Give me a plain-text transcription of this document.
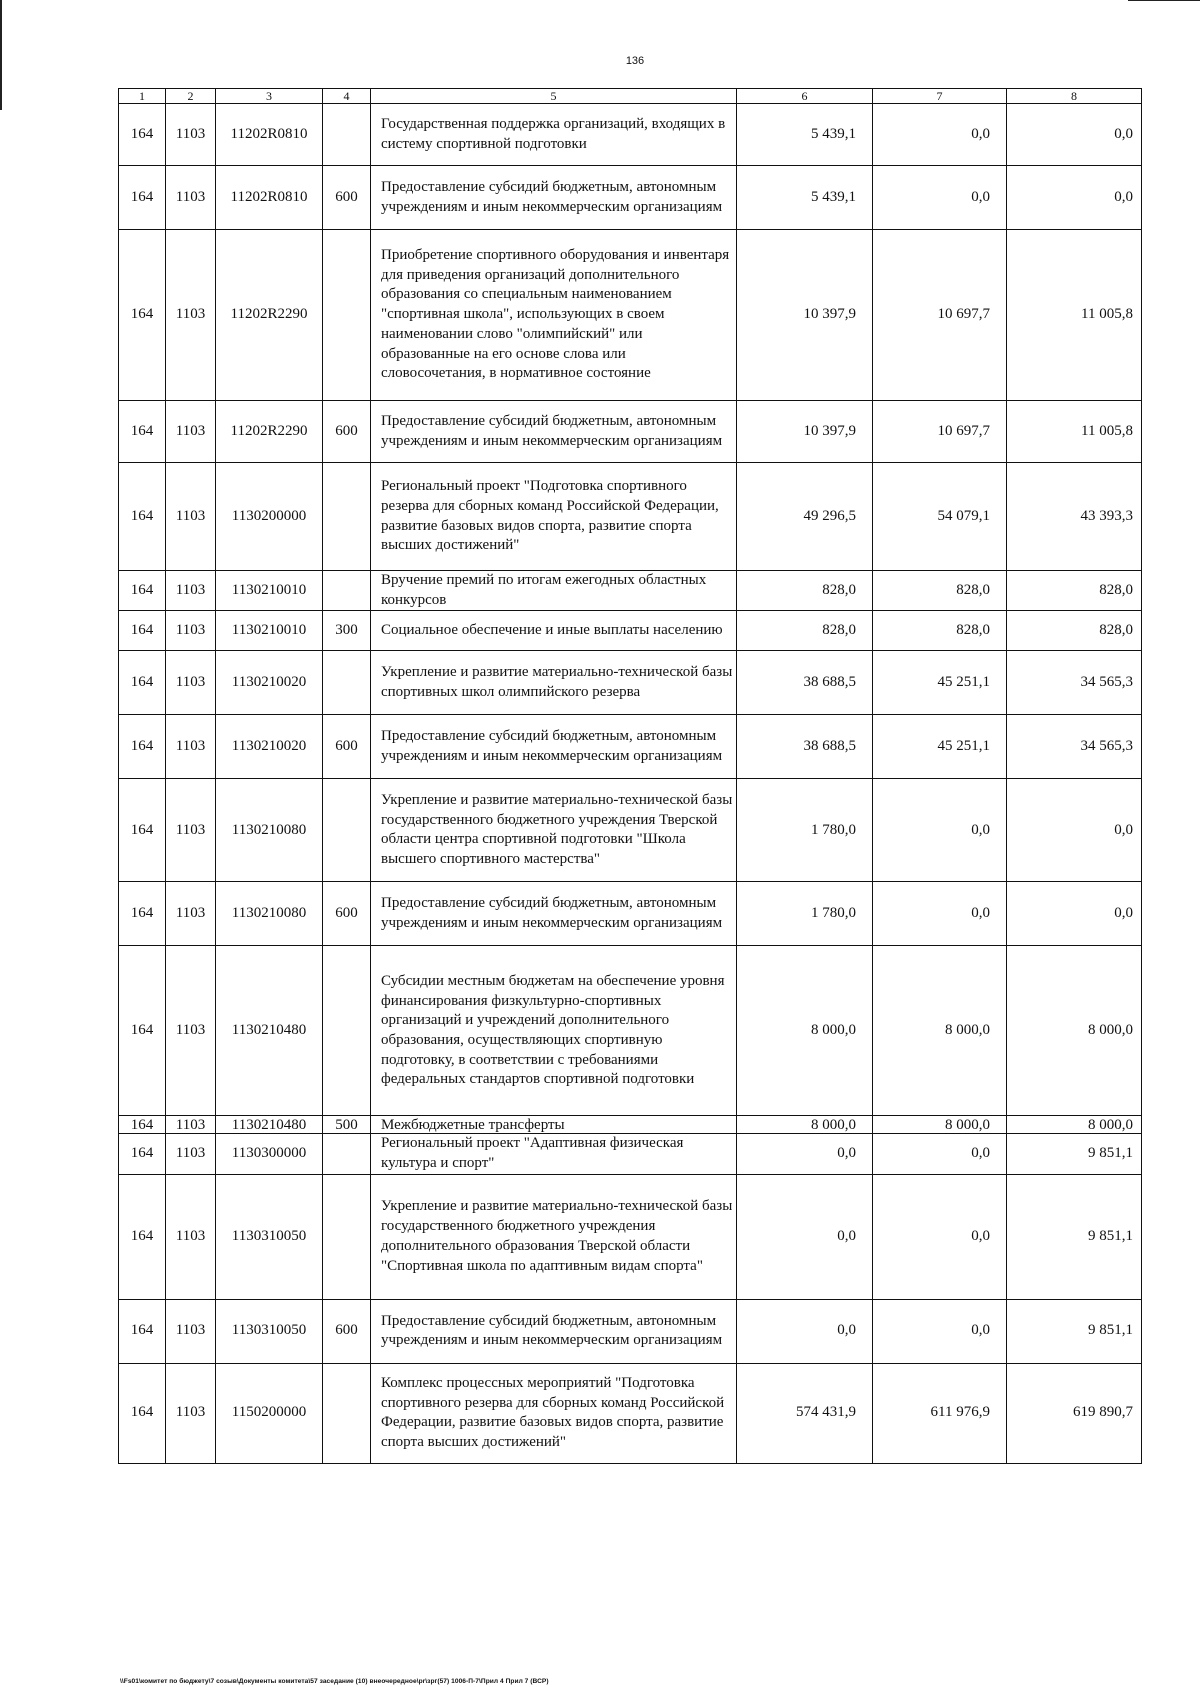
136
1	2	3	4	5	6	7	8
164	1103	11202R0810		Государственная поддержка организаций, входящих в систему спортивной подготовки	5 439,1	0,0	0,0
164	1103	11202R0810	600	Предоставление субсидий бюджетным, автономным учреждениям и иным некоммерческим организациям	5 439,1	0,0	0,0
164	1103	11202R2290		Приобретение спортивного оборудования и инвентаря для приведения организаций дополнительного образования со специальным наименованием "спортивная школа", использующих в своем наименовании слово "олимпийский" или образованные на его основе слова или словосочетания, в нормативное состояние	10 397,9	10 697,7	11 005,8
164	1103	11202R2290	600	Предоставление субсидий бюджетным, автономным учреждениям и иным некоммерческим организациям	10 397,9	10 697,7	11 005,8
164	1103	1130200000		Региональный проект "Подготовка спортивного резерва для сборных команд Российской Федерации, развитие базовых видов спорта, развитие спорта высших достижений"	49 296,5	54 079,1	43 393,3
164	1103	1130210010		Вручение премий по итогам ежегодных областных конкурсов	828,0	828,0	828,0
164	1103	1130210010	300	Социальное обеспечение и иные выплаты населению	828,0	828,0	828,0
164	1103	1130210020		Укрепление и развитие материально-технической базы спортивных школ олимпийского резерва	38 688,5	45 251,1	34 565,3
164	1103	1130210020	600	Предоставление субсидий бюджетным, автономным учреждениям и иным некоммерческим организациям	38 688,5	45 251,1	34 565,3
164	1103	1130210080		Укрепление и развитие материально-технической базы государственного бюджетного учреждения Тверской области центра спортивной подготовки "Школа высшего спортивного мастерства"	1 780,0	0,0	0,0
164	1103	1130210080	600	Предоставление субсидий бюджетным, автономным учреждениям и иным некоммерческим организациям	1 780,0	0,0	0,0
164	1103	1130210480		Субсидии местным бюджетам на обеспечение уровня финансирования физкультурно-спортивных организаций и учреждений дополнительного образования, осуществляющих спортивную подготовку, в соответствии с требованиями федеральных стандартов спортивной подготовки	8 000,0	8 000,0	8 000,0
164	1103	1130210480	500	Межбюджетные трансферты	8 000,0	8 000,0	8 000,0
164	1103	1130300000		Региональный проект "Адаптивная физическая культура и спорт"	0,0	0,0	9 851,1
164	1103	1130310050		Укрепление и развитие материально-технической базы государственного бюджетного учреждения дополнительного образования Тверской области "Спортивная школа по адаптивным видам спорта"	0,0	0,0	9 851,1
164	1103	1130310050	600	Предоставление субсидий бюджетным, автономным учреждениям и иным некоммерческим организациям	0,0	0,0	9 851,1
164	1103	1150200000		Комплекс процессных мероприятий "Подготовка спортивного резерва для сборных команд Российской Федерации, развитие базовых видов спорта, развитие спорта высших достижений"	574 431,9	611 976,9	619 890,7
\\Fs01\комитет по бюджету\7 созыв\Документы комитета\57 заседание (10) внеочередное\pr\зрг(57) 1006-П-7\Прил 4 Прил 7 (ВСР)
